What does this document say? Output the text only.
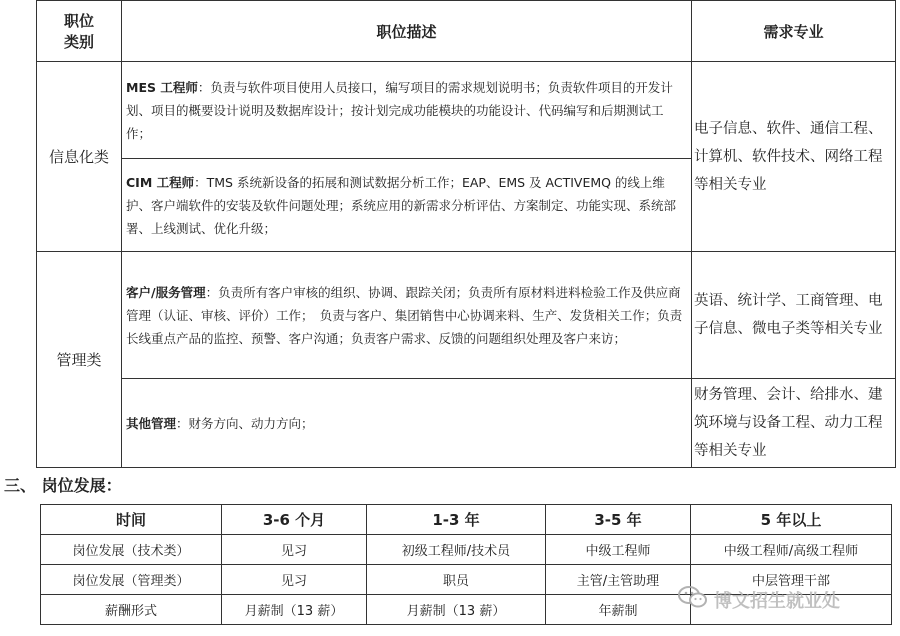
职位
类别	职位描述	需求专业
信息化类	MES 工程师：负责与软件项目使用人员接口，编写项目的需求规划说明书；负责软件项目的开发计划、项目的概要设计说明及数据库设计；按计划完成功能模块的功能设计、代码编写和后期测试工作；	电子信息、软件、通信工程、计算机、软件技术、网络工程等相关专业
	CIM 工程师：TMS 系统新设备的拓展和测试数据分析工作；EAP、EMS 及 ACTIVEMQ 的线上维护、客户端软件的安装及软件问题处理；系统应用的新需求分析评估、方案制定、功能实现、系统部署、上线测试、优化升级；	
管理类	客户/服务管理：负责所有客户审核的组织、协调、跟踪关闭；负责所有原材料进料检验工作及供应商管理（认证、审核、评价）工作；　负责与客户、集团销售中心协调来料、生产、发货相关工作；负责长线重点产品的监控、预警、客户沟通；负责客户需求、反馈的问题组织处理及客户来访；	英语、统计学、工商管理、电子信息、微电子类等相关专业
	其他管理：财务方向、动力方向；	财务管理、会计、给排水、建筑环境与设备工程、动力工程等相关专业
三、 岗位发展：
时间	3-6 个月	1-3 年	3-5 年	5 年以上
岗位发展（技术类）	见习	初级工程师/技术员	中级工程师	中级工程师/高级工程师
岗位发展（管理类）	见习	职员	主管/主管助理	中层管理干部
薪酬形式	月薪制（13 薪）	月薪制（13 薪）	年薪制		博文招生就业处
